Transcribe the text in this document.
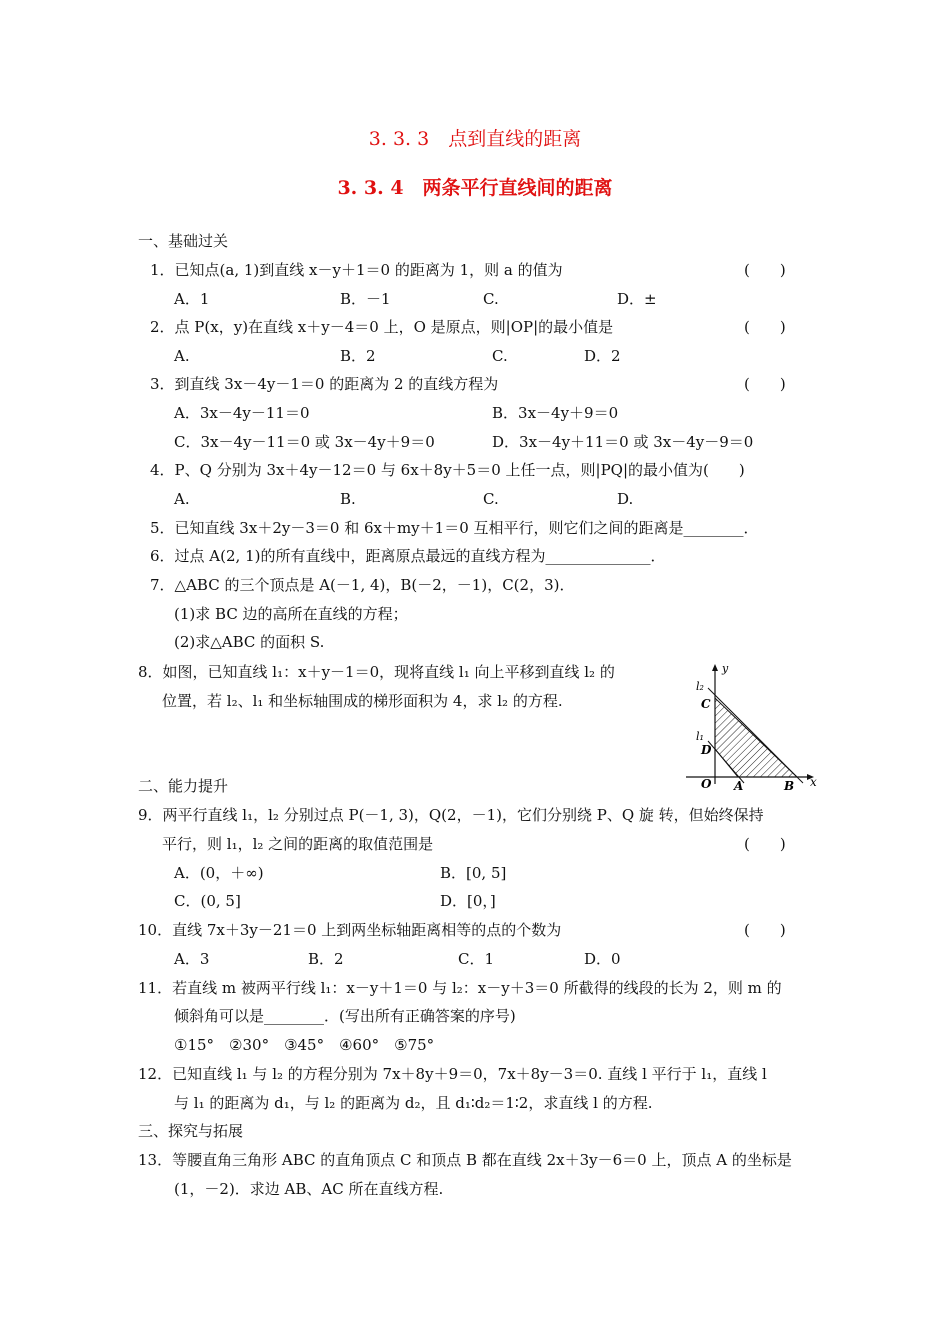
3. 3. 3　点到直线的距离
3. 3. 4　两条平行直线间的距离
一、基础过关
1．已知点(a, 1)到直线 x－y＋1＝0 的距离为 1，则 a 的值为
A．1	B．－1	C.	D．±
2．点 P(x，y)在直线 x＋y－4＝0 上，O 是原点，则|OP|的最小值是
A.	B．2	C.	D．2
3．到直线 3x－4y－1＝0 的距离为 2 的直线方程为
A．3x－4y－11＝0	B．3x－4y＋9＝0
C．3x－4y－11＝0 或 3x－4y＋9＝0	D．3x－4y＋11＝0 或 3x－4y－9＝0
4．P、Q 分别为 3x＋4y－12＝0 与 6x＋8y＋5＝0 上任一点，则|PQ|的最小值为(　　)
A.	B.	C.	D.
5．已知直线 3x＋2y－3＝0 和 6x＋my＋1＝0 互相平行，则它们之间的距离是________．
6．过点 A(2, 1)的所有直线中，距离原点最远的直线方程为______________．
7．△ABC 的三个顶点是 A(－1, 4)，B(－2，－1)，C(2，3)．
(1)求 BC 边的高所在直线的方程；
(2)求△ABC 的面积 S.
8．如图，已知直线 l₁：x＋y－1＝0，现将直线 l₁ 向上平移到直线 l₂ 的
位置，若 l₂、l₁ 和坐标轴围成的梯形面积为 4，求 l₂ 的方程.
二、能力提升
9．两平行直线 l₁，l₂ 分别过点 P(－1, 3)，Q(2，－1)，它们分别绕 P、Q 旋 转，但始终保持
平行，则 l₁，l₂ 之间的距离的取值范围是
A．(0，＋∞)	B．[0, 5]
C．(0, 5]	D．[0，]
10．直线 7x＋3y－21＝0 上到两坐标轴距离相等的点的个数为
A．3	B．2	C．1	D．0
11．若直线 m 被两平行线 l₁：x－y＋1＝0 与 l₂：x－y＋3＝0 所截得的线段的长为 2，则 m 的
倾斜角可以是________．(写出所有正确答案的序号)
①15°　②30°　③45°　④60°　⑤75°
12．已知直线 l₁ 与 l₂ 的方程分别为 7x＋8y＋9＝0，7x＋8y－3＝0. 直线 l 平行于 l₁，直线 l
与 l₁ 的距离为 d₁，与 l₂ 的距离为 d₂，且 d₁∶d₂＝1∶2，求直线 l 的方程.
三、探究与拓展
13．等腰直角三角形 ABC 的直角顶点 C 和顶点 B 都在直线 2x＋3y－6＝0 上，顶点 A 的坐标是
(1，－2)．求边 AB、AC 所在直线方程.
(　　)
(　　)
(　　)
(　　)
(　　)
y
x
O A	B
C
D
l₂
l₁
